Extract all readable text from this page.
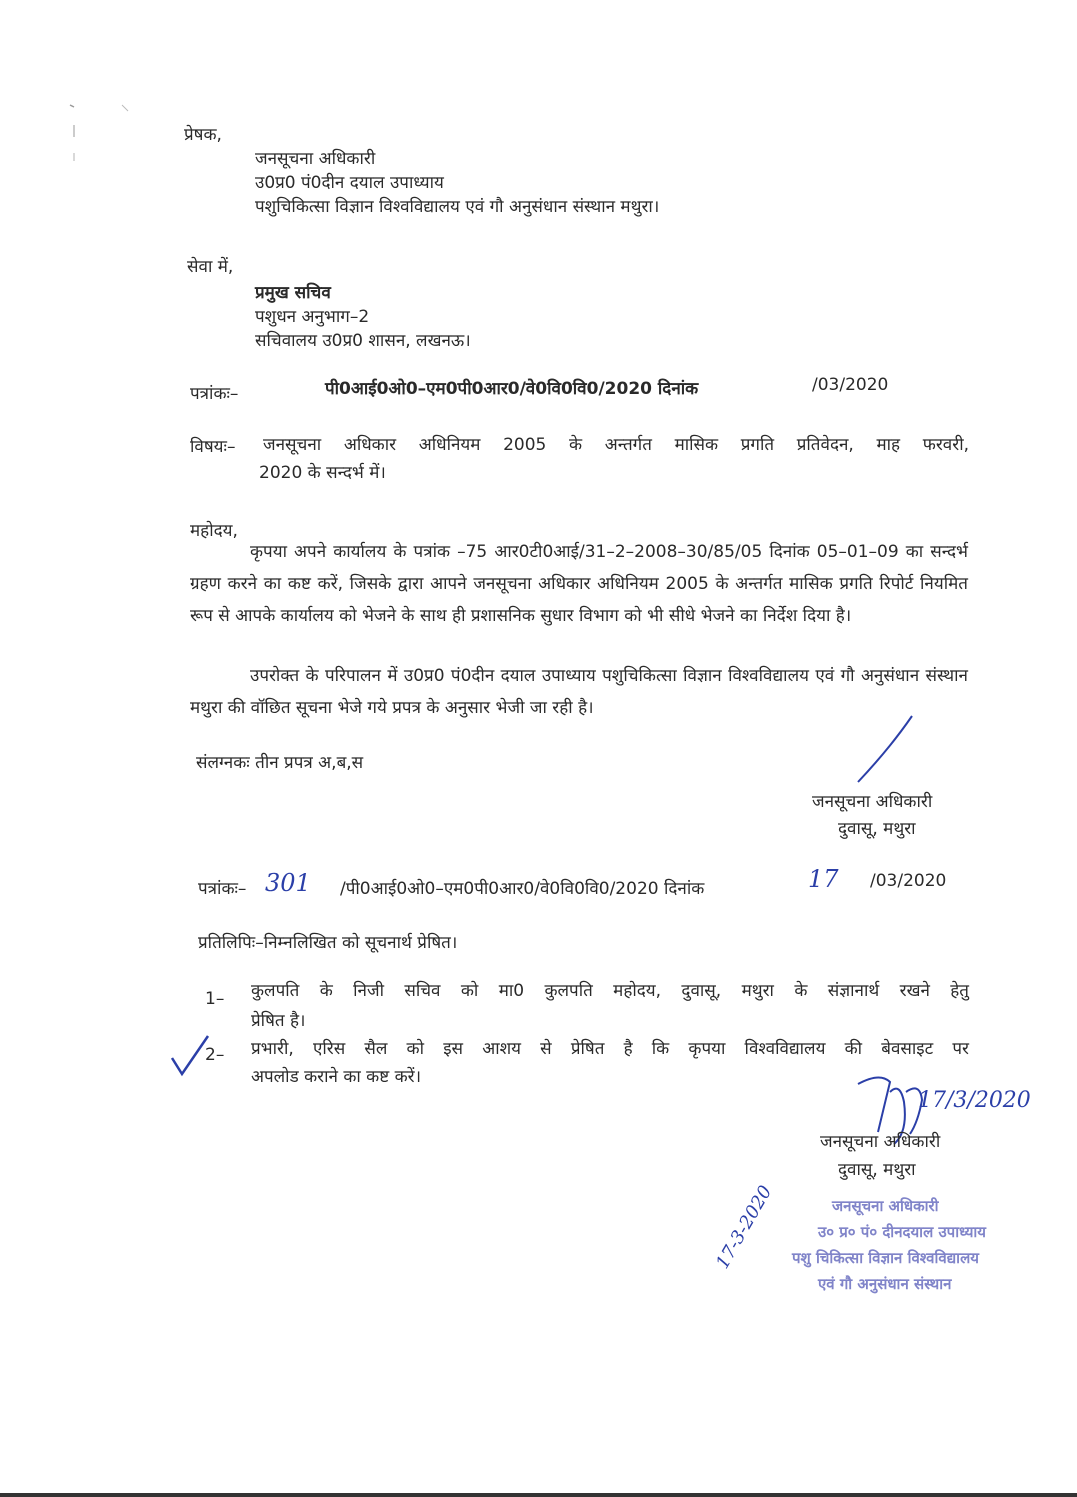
प्रेषक,
जनसूचना अधिकारी
उ0प्र0 पं0दीन दयाल उपाध्याय
पशुचिकित्सा विज्ञान विश्वविद्यालय एवं गौ अनुसंधान संस्थान मथुरा।
सेवा में,
प्रमुख सचिव
पशुधन अनुभाग–2
सचिवालय उ0प्र0 शासन, लखनऊ।
पत्रांकः–	पी0आई0ओ0–एम0पी0आर0/वे0वि0वि0/2020 दिनांक	/03/2020
विषयः– जनसूचना अधिकार अधिनियम 2005 के अन्तर्गत मासिक प्रगति प्रतिवेदन, माह फरवरी,
2020 के सन्दर्भ में।
महोदय,
कृपया अपने कार्यालय के पत्रांक –75 आर0टी0आई/31–2–2008–30/85/05 दिनांक 05–01–09 का सन्दर्भ ग्रहण करने का कष्ट करें, जिसके द्वारा आपने जनसूचना अधिकार अधिनियम 2005 के अन्तर्गत मासिक प्रगति रिपोर्ट नियमित रूप से आपके कार्यालय को भेजने के साथ ही प्रशासनिक सुधार विभाग को भी सीधे भेजने का निर्देश दिया है।
उपरोक्त के परिपालन में उ0प्र0 पं0दीन दयाल उपाध्याय पशुचिकित्सा विज्ञान विश्वविद्यालय एवं गौ अनुसंधान संस्थान मथुरा की वॉछित सूचना भेजे गये प्रपत्र के अनुसार भेजी जा रही है।
संलग्नकः तीन प्रपत्र अ,ब,स
जनसूचना अधिकारी
दुवासू, मथुरा
पत्रांकः– 301 /पी0आई0ओ0–एम0पी0आर0/वे0वि0वि0/2020 दिनांक	17 /03/2020
प्रतिलिपिः–निम्नलिखित को सूचनार्थ प्रेषित।
1– कुलपति के निजी सचिव को मा0 कुलपति महोदय, दुवासू, मथुरा के संज्ञानार्थ रखने हेतु
प्रेषित है।
2– प्रभारी, एरिस सैल को इस आशय से प्रेषित है कि कृपया विश्वविद्यालय की बेवसाइट पर
अपलोड कराने का कष्ट करें।
17/3/2020
जनसूचना अधिकारी
दुवासू, मथुरा
जनसूचना अधिकारी
उ० प्र० पं० दीनदयाल उपाध्याय
पशु चिकित्सा विज्ञान विश्वविद्यालय
एवं गौ अनुसंधान संस्थान
17-3-2020
